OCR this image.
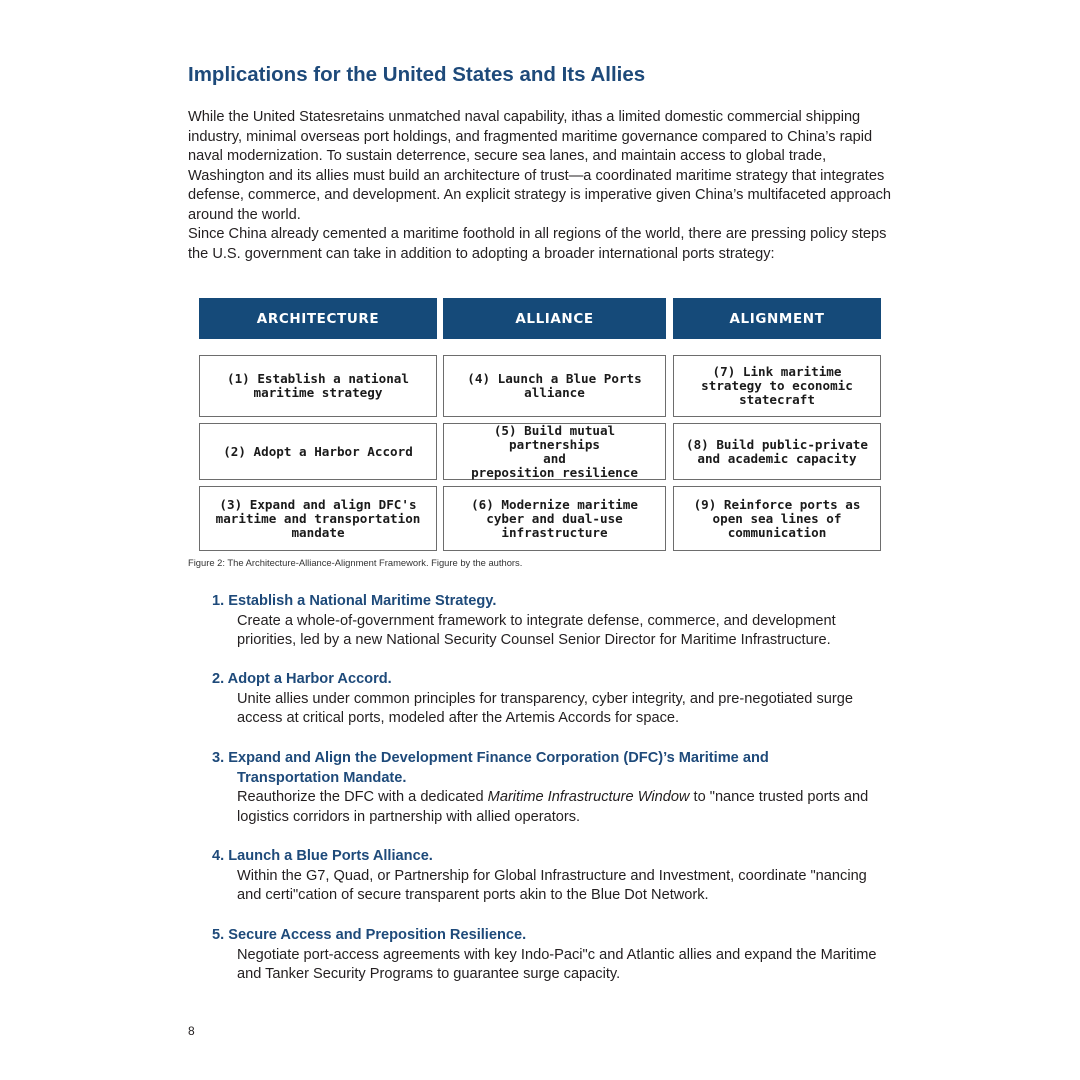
Implications for the United States and Its Allies

While the United Statesretains unmatched naval capability, ithas a limited domestic commercial shipping industry, minimal overseas port holdings, and fragmented maritime governance compared to China’s rapid naval modernization. To sustain deterrence, secure sea lanes, and maintain access to global trade, Washington and its allies must build an architecture of trust—a coordinated maritime strategy that integrates defense, commerce, and development. An explicit strategy is imperative given China’s multifaceted approach around the world.

Since China already cemented a maritime foothold in all regions of the world, there are pressing policy steps the U.S. government can take in addition to adopting a broader international ports strategy:

ARCHITECTURE	ALLIANCE	ALIGNMENT
(1) Establish a national
maritime strategy
(4) Launch a Blue Ports
alliance
(7) Link maritime
strategy to economic
statecraft
(2) Adopt a Harbor Accord
(5) Build mutual partnerships
and
preposition resilience
(8) Build public-private
and academic capacity
(3) Expand and align DFC's
maritime and transportation
mandate
(6) Modernize maritime
cyber and dual-use
infrastructure
(9) Reinforce ports as
open sea lines of
communication

Figure 2: The Architecture-Alliance-Alignment Framework. Figure by the authors.

1. Establish a National Maritime Strategy.

Create a whole-of-government framework to integrate defense, commerce, and development priorities, led by a new National Security Counsel Senior Director for Maritime Infrastructure.

2. Adopt a Harbor Accord.

Unite allies under common principles for transparency, cyber integrity, and pre-negotiated surge access at critical ports, modeled after the Artemis Accords for space.

3. Expand and Align the Development Finance Corporation (DFC)’s Maritime and
Transportation Mandate.

Reauthorize the DFC with a dedicated Maritime Infrastructure Window to "nance trusted ports and logistics corridors in partnership with allied operators.

4. Launch a Blue Ports Alliance.

Within the G7, Quad, or Partnership for Global Infrastructure and Investment, coordinate "nancing and certi"cation of secure transparent ports akin to the Blue Dot Network.

5. Secure Access and Preposition Resilience.

Negotiate port-access agreements with key Indo-Paci"c and Atlantic allies and expand the Maritime and Tanker Security Programs to guarantee surge capacity.

8
